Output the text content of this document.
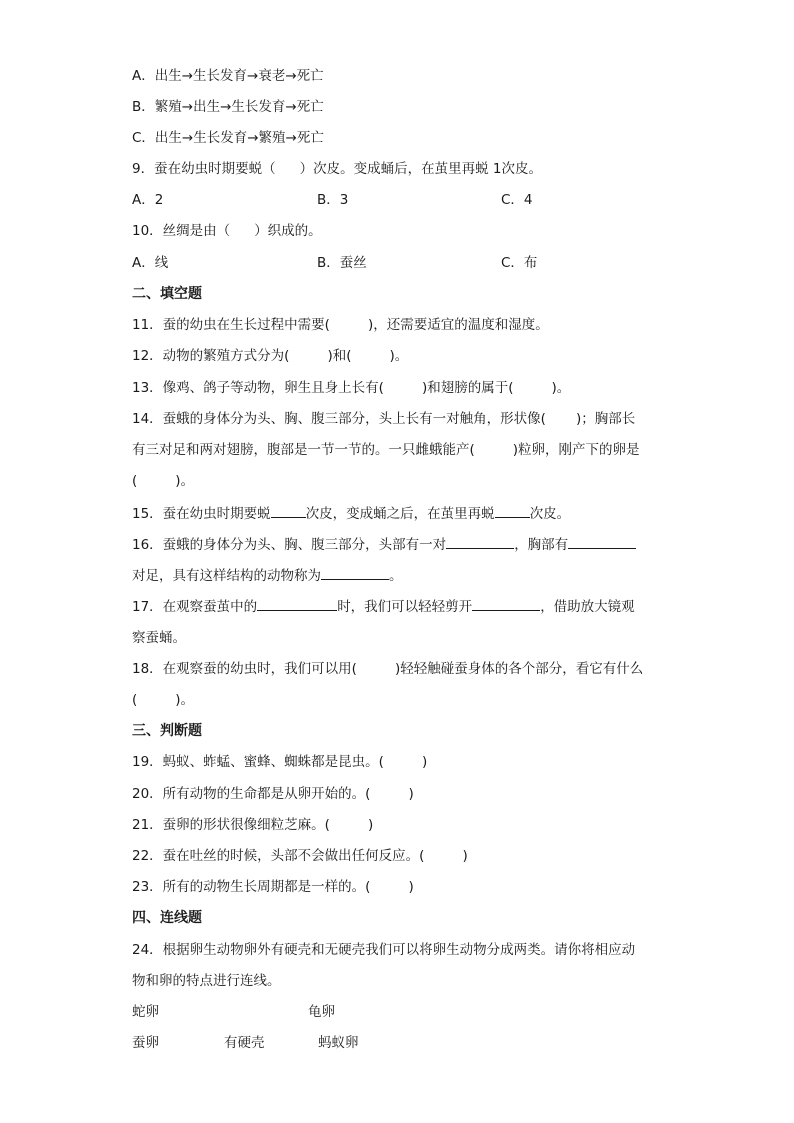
A．出生→生长发育→衰老→死亡
B．繁殖→出生→生长发育→死亡
C．出生→生长发育→繁殖→死亡
9．蚕在幼虫时期要蜕（ ）次皮。变成蛹后，在茧里再蜕 1次皮。
A．2	B．3	C．4
10．丝绸是由（ ）织成的。
A．线	B．蚕丝	C．布
二、填空题
11．蚕的幼虫在生长过程中需要(	)，还需要适宜的温度和湿度。
12．动物的繁殖方式分为(	)和(	)。
13．像鸡、鸽子等动物，卵生且身上长有(	)和翅膀的属于(	)。
14．蚕蛾的身体分为头、胸、腹三部分，头上长有一对触角，形状像( )；胸部长
有三对足和两对翅膀，腹部是一节一节的。一只雌蛾能产(	)粒卵，刚产下的卵是
(	)。
15．蚕在幼虫时期要蜕	次皮，变成蛹之后，在茧里再蜕	次皮。
16．蚕蛾的身体分为头、胸、腹三部分，头部有一对	，胸部有
对足，具有这样结构的动物称为	。
17．在观察蚕茧中的	时，我们可以轻轻剪开	，借助放大镜观
察蚕蛹。
18．在观察蚕的幼虫时，我们可以用(	)轻轻触碰蚕身体的各个部分，看它有什么
(	)。
三、判断题
19．蚂蚁、蚱蜢、蜜蜂、蜘蛛都是昆虫。(	)
20．所有动物的生命都是从卵开始的。(	)
21．蚕卵的形状很像细粒芝麻。(	)
22．蚕在吐丝的时候，头部不会做出任何反应。(	)
23．所有的动物生长周期都是一样的。(	)
四、连线题
24．根据卵生动物卵外有硬壳和无硬壳我们可以将卵生动物分成两类。请你将相应动
物和卵的特点进行连线。
蛇卵	龟卵
蚕卵	有硬壳	蚂蚁卵
